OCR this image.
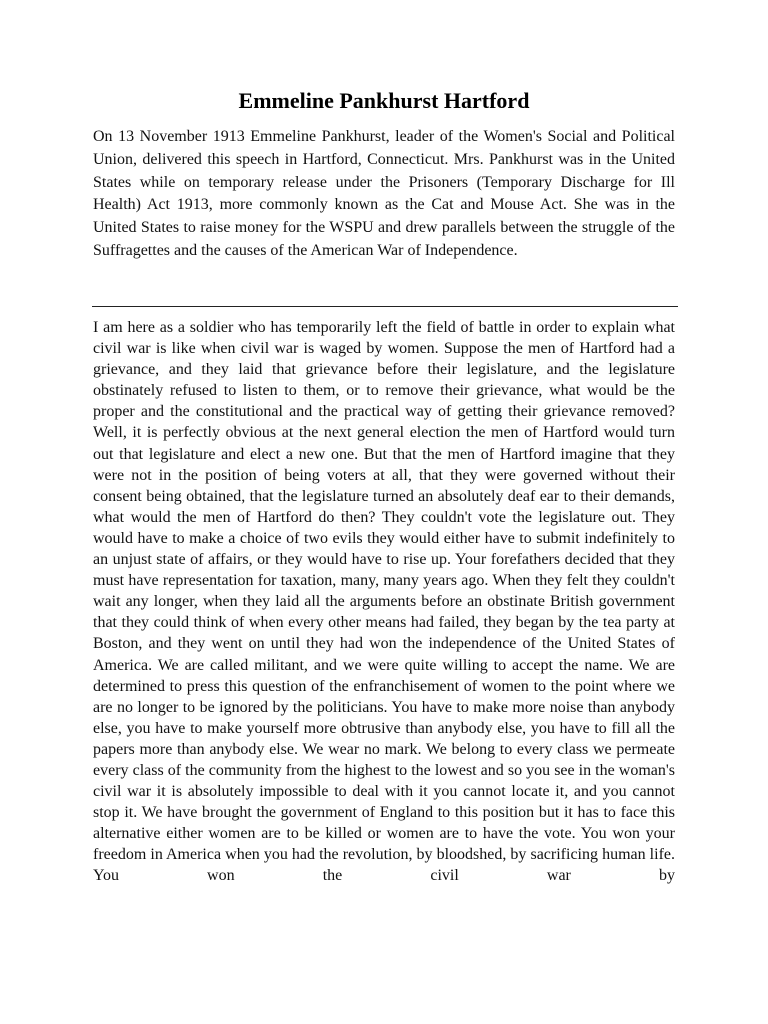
Emmeline Pankhurst Hartford

On 13 November 1913 Emmeline Pankhurst, leader of the Women's Social and Political Union, delivered this speech in Hartford, Connecticut. Mrs. Pankhurst was in the United States while on temporary release under the Prisoners (Temporary Discharge for Ill Health) Act 1913, more commonly known as the Cat and Mouse Act. She was in the United States to raise money for the WSPU and drew parallels between the struggle of the Suffragettes and the causes of the American War of Independence.

I am here as a soldier who has temporarily left the field of battle in order to explain what civil war is like when civil war is waged by women. Suppose the men of Hartford had a grievance, and they laid that grievance before their legislature, and the legislature obstinately refused to listen to them, or to remove their grievance, what would be the proper and the constitutional and the practical way of getting their grievance removed? Well, it is perfectly obvious at the next general election the men of Hartford would turn out that legislature and elect a new one. But that the men of Hartford imagine that they were not in the position of being voters at all, that they were governed without their consent being obtained, that the legislature turned an absolutely deaf ear to their demands, what would the men of Hartford do then? They couldn't vote the legislature out. They would have to make a choice of two evils they would either have to submit indefinitely to an unjust state of affairs, or they would have to rise up. Your forefathers decided that they must have representation for taxation, many, many years ago. When they felt they couldn't wait any longer, when they laid all the arguments before an obstinate British government that they could think of when every other means had failed, they began by the tea party at Boston, and they went on until they had won the independence of the United States of America. We are called militant, and we were quite willing to accept the name. We are determined to press this question of the enfranchisement of women to the point where we are no longer to be ignored by the politicians. You have to make more noise than anybody else, you have to make yourself more obtrusive than anybody else, you have to fill all the papers more than anybody else. We wear no mark. We belong to every class we permeate every class of the community from the highest to the lowest and so you see in the woman's civil war it is absolutely impossible to deal with it you cannot locate it, and you cannot stop it. We have brought the government of England to this position but it has to face this alternative either women are to be killed or women are to have the vote. You won your freedom in America when you had the revolution, by bloodshed, by sacrificing human life. You won the civil war by
